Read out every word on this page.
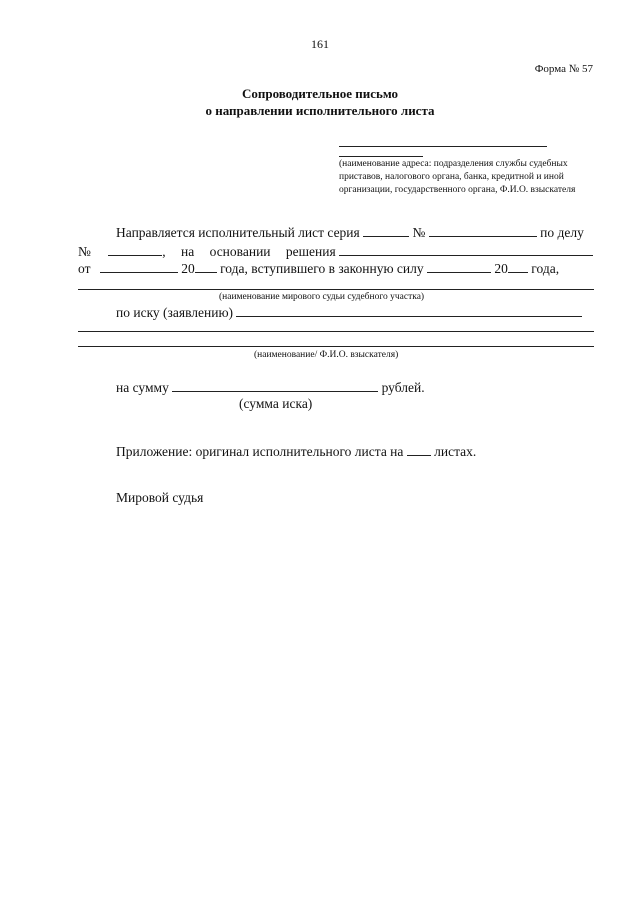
161
Форма № 57
Сопроводительное письмо
о направлении исполнительного листа
(наименование адреса: подразделения службы судебных приставов, налогового органа, банка, кредитной и иной организации, государственного органа, Ф.И.О. взыскателя
Направляется исполнительный лист серия	№	по делу
№	, на основании решения
от	20 года, вступившего в законную силу	20 года,
(наименование мирового судьи судебного участка)
по иску (заявлению)
(наименование/ Ф.И.О. взыскателя)
на сумму	рублей.
(сумма иска)
Приложение: оригинал исполнительного листа на листах.
Мировой судья
